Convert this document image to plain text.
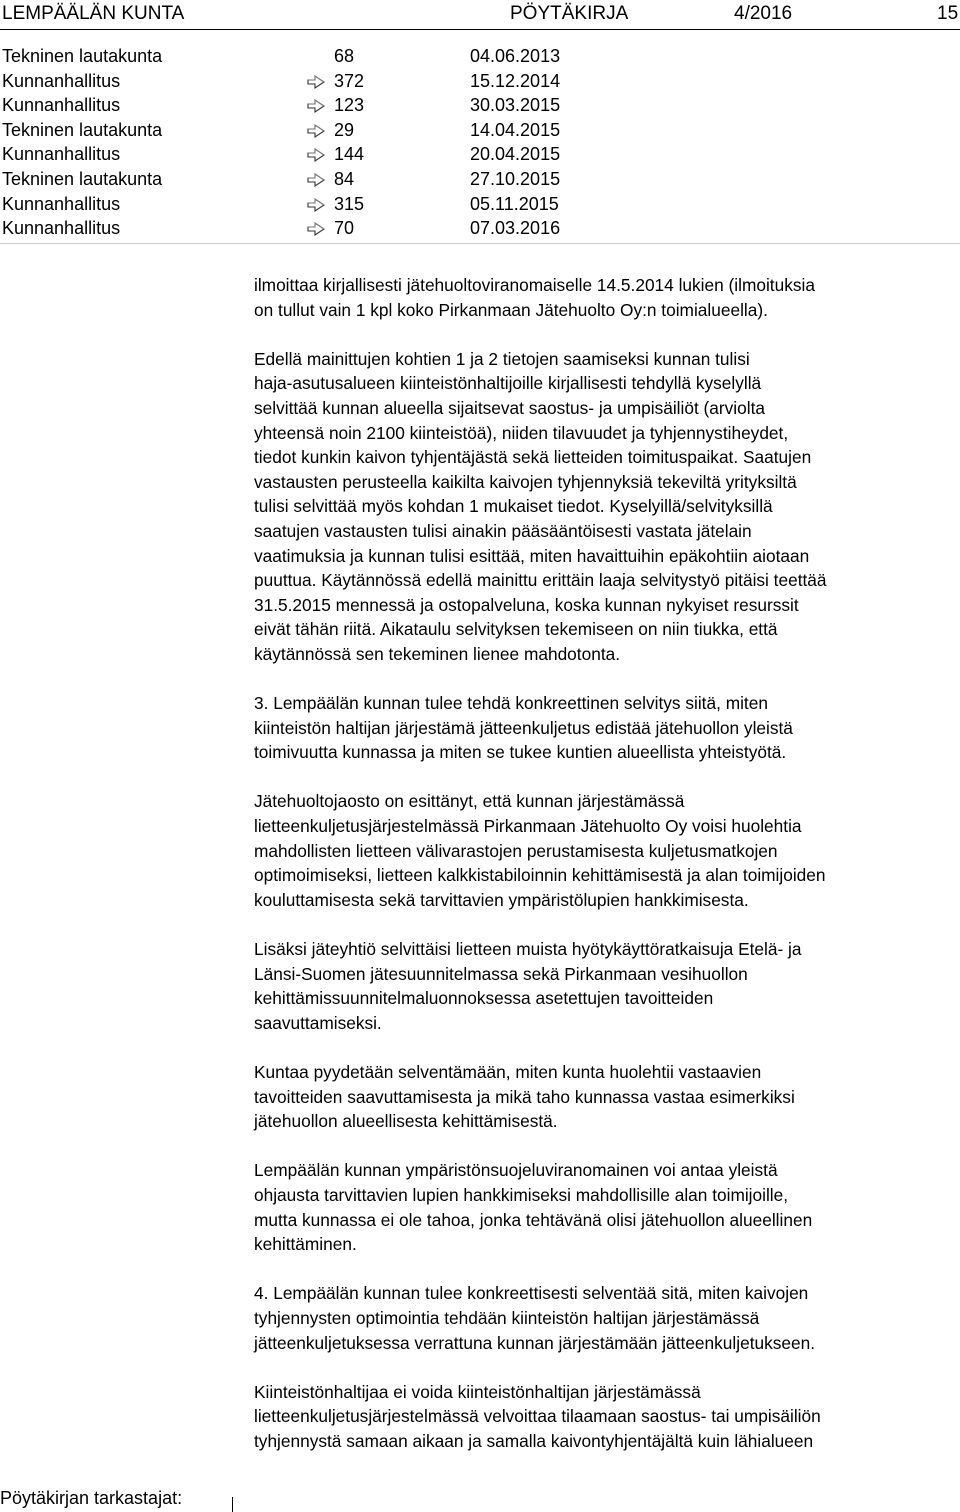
LEMPÄÄLÄN KUNTA	PÖYTÄKIRJA	4/2016	15
Tekninen lautakunta	68	04.06.2013
Kunnanhallitus	372	15.12.2014
Kunnanhallitus	123	30.03.2015
Tekninen lautakunta	29	14.04.2015
Kunnanhallitus	144	20.04.2015
Tekninen lautakunta	84	27.10.2015
Kunnanhallitus	315	05.11.2015
Kunnanhallitus	70	07.03.2016

ilmoittaa kirjallisesti jätehuoltoviranomaiselle 14.5.2014 lukien (ilmoituksia
on tullut vain 1 kpl koko Pirkanmaan Jätehuolto Oy:n toimialueella).

Edellä mainittujen kohtien 1 ja 2 tietojen saamiseksi kunnan tulisi
haja-asutusalueen kiinteistönhaltijoille kirjallisesti tehdyllä kyselyllä
selvittää kunnan alueella sijaitsevat saostus- ja umpisäiliöt (arviolta
yhteensä noin 2100 kiinteistöä), niiden tilavuudet ja tyhjennystiheydet,
tiedot kunkin kaivon tyhjentäjästä sekä lietteiden toimituspaikat. Saatujen
vastausten perusteella kaikilta kaivojen tyhjennyksiä tekeviltä yrityksiltä
tulisi selvittää myös kohdan 1 mukaiset tiedot. Kyselyillä/selvityksillä
saatujen vastausten tulisi ainakin pääsääntöisesti vastata jätelain
vaatimuksia ja kunnan tulisi esittää, miten havaittuihin epäkohtiin aiotaan
puuttua. Käytännössä edellä mainittu erittäin laaja selvitystyö pitäisi teettää
31.5.2015 mennessä ja ostopalveluna, koska kunnan nykyiset resurssit
eivät tähän riitä. Aikataulu selvityksen tekemiseen on niin tiukka, että
käytännössä sen tekeminen lienee mahdotonta.

3. Lempäälän kunnan tulee tehdä konkreettinen selvitys siitä, miten
kiinteistön haltijan järjestämä jätteenkuljetus edistää jätehuollon yleistä
toimivuutta kunnassa ja miten se tukee kuntien alueellista yhteistyötä.

Jätehuoltojaosto on esittänyt, että kunnan järjestämässä
lietteenkuljetusjärjestelmässä Pirkanmaan Jätehuolto Oy voisi huolehtia
mahdollisten lietteen välivarastojen perustamisesta kuljetusmatkojen
optimoimiseksi, lietteen kalkkistabiloinnin kehittämisestä ja alan toimijoiden
kouluttamisesta sekä tarvittavien ympäristölupien hankkimisesta.

Lisäksi jäteyhtiö selvittäisi lietteen muista hyötykäyttöratkaisuja Etelä- ja
Länsi-Suomen jätesuunnitelmassa sekä Pirkanmaan vesihuollon
kehittämissuunnitelmaluonnoksessa asetettujen tavoitteiden
saavuttamiseksi.

Kuntaa pyydetään selventämään, miten kunta huolehtii vastaavien
tavoitteiden saavuttamisesta ja mikä taho kunnassa vastaa esimerkiksi
jätehuollon alueellisesta kehittämisestä.

Lempäälän kunnan ympäristönsuojeluviranomainen voi antaa yleistä
ohjausta tarvittavien lupien hankkimiseksi mahdollisille alan toimijoille,
mutta kunnassa ei ole tahoa, jonka tehtävänä olisi jätehuollon alueellinen
kehittäminen.

4. Lempäälän kunnan tulee konkreettisesti selventää sitä, miten kaivojen
tyhjennysten optimointia tehdään kiinteistön haltijan järjestämässä
jätteenkuljetuksessa verrattuna kunnan järjestämään jätteenkuljetukseen.

Kiinteistönhaltijaa ei voida kiinteistönhaltijan järjestämässä
lietteenkuljetusjärjestelmässä velvoittaa tilaamaan saostus- tai umpisäiliön
tyhjennystä samaan aikaan ja samalla kaivontyhjentäjältä kuin lähialueen

Pöytäkirjan tarkastajat:
